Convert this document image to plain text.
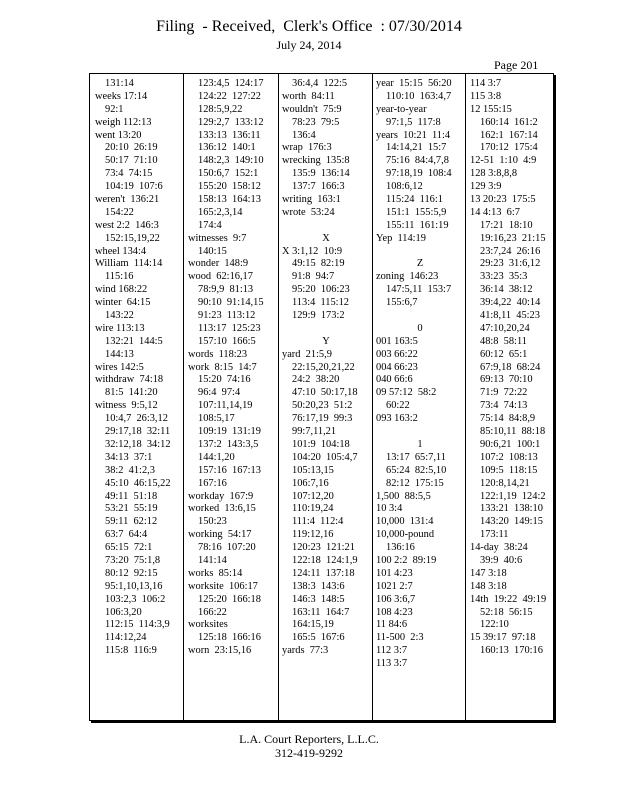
Filing  - Received,  Clerk's Office  : 07/30/2014
July 24, 2014
Page 201
131:14
weeks 17:14
92:1
weigh 112:13
went 13:20
20:10  26:19
50:17  71:10
73:4  74:15
104:19  107:6
weren't  136:21
154:22
west 2:2  146:3
152:15,19,22
wheel 134:4
William  114:14
115:16
wind 168:22
winter  64:15
143:22
wire 113:13
132:21  144:5
144:13
wires 142:5
withdraw  74:18
81:5  141:20
witness  9:5,12
10:4,7  26:3,12
29:17,18  32:11
32:12,18  34:12
34:13  37:1
38:2  41:2,3
45:10  46:15,22
49:11  51:18
53:21  55:19
59:11  62:12
63:7  64:4
65:15  72:1
73:20  75:1,8
80:12  92:15
95:1,10,13,16
103:2,3  106:2
106:3,20
112:15  114:3,9
114:12,24
115:8  116:9
123:4,5  124:17
124:22  127:22
128:5,9,22
129:2,7  133:12
133:13  136:11
136:12  140:1
148:2,3  149:10
150:6,7  152:1
155:20  158:12
158:13  164:13
165:2,3,14
174:4
witnesses  9:7
140:15
wonder  148:9
wood  62:16,17
78:9,9  81:13
90:10  91:14,15
91:23  113:12
113:17  125:23
157:10  166:5
words  118:23
work  8:15  14:7
15:20  74:16
96:4  97:4
107:11,14,19
108:5,17
109:19  131:19
137:2  143:3,5
144:1,20
157:16  167:13
167:16
workday  167:9
worked  13:6,15
150:23
working  54:17
78:16  107:20
141:14
works  85:14
worksite  106:17
125:20  166:18
166:22
worksites
125:18  166:16
worn  23:15,16
36:4,4  122:5
worth  84:11
wouldn't  75:9
78:23  79:5
136:4
wrap  176:3
wrecking  135:8
135:9  136:14
137:7  166:3
writing  163:1
wrote  53:24
X
X 3:1,12  10:9
49:15  82:19
91:8  94:7
95:20  106:23
113:4  115:12
129:9  173:2
Y
yard  21:5,9
22:15,20,21,22
24:2  38:20
47:10  50:17,18
50:20,23  51:2
76:17,19  99:3
99:7,11,21
101:9  104:18
104:20  105:4,7
105:13,15
106:7,16
107:12,20
110:19,24
111:4  112:4
119:12,16
120:23  121:21
122:18  124:1,9
124:11  137:18
138:3  143:6
146:3  148:5
163:11  164:7
164:15,19
165:5  167:6
yards  77:3
year  15:15  56:20
110:10  163:4,7
year-to-year
97:1,5  117:8
years  10:21  11:4
14:14,21  15:7
75:16  84:4,7,8
97:18,19  108:4
108:6,12
115:24  116:1
151:1  155:5,9
155:11  161:19
Yep  114:19
Z
zoning  146:23
147:5,11  153:7
155:6,7
0
001 163:5
003 66:22
004 66:23
040 66:6
09 57:12  58:2
60:22
093 163:2
1
13:17  65:7,11
65:24  82:5,10
82:12  175:15
1,500  88:5,5
10 3:4
10,000  131:4
10,000-pound
136:16
100 2:2  89:19
101 4:23
1021 2:7
106 3:6,7
108 4:23
11 84:6
11-500  2:3
112 3:7
113 3:7
114 3:7
115 3:8
12 155:15
160:14  161:2
162:1  167:14
170:12  175:4
12-51  1:10  4:9
128 3:8,8,8
129 3:9
13 20:23  175:5
14 4:13  6:7
17:21  18:10
19:16,23  21:15
23:7,24  26:16
29:23  31:6,12
33:23  35:3
36:14  38:12
39:4,22  40:14
41:8,11  45:23
47:10,20,24
48:8  58:11
60:12  65:1
67:9,18  68:24
69:13  70:10
71:9  72:22
73:4  74:13
75:14  84:8,9
85:10,11  88:18
90:6,21  100:1
107:2  108:13
109:5  118:15
120:8,14,21
122:1,19  124:2
133:21  138:10
143:20  149:15
173:11
14-day  38:24
39:9  40:6
147 3:18
148 3:18
14th  19:22  49:19
52:18  56:15
122:10
15 39:17  97:18
160:13  170:16
L.A. Court Reporters, L.L.C.
312-419-9292
